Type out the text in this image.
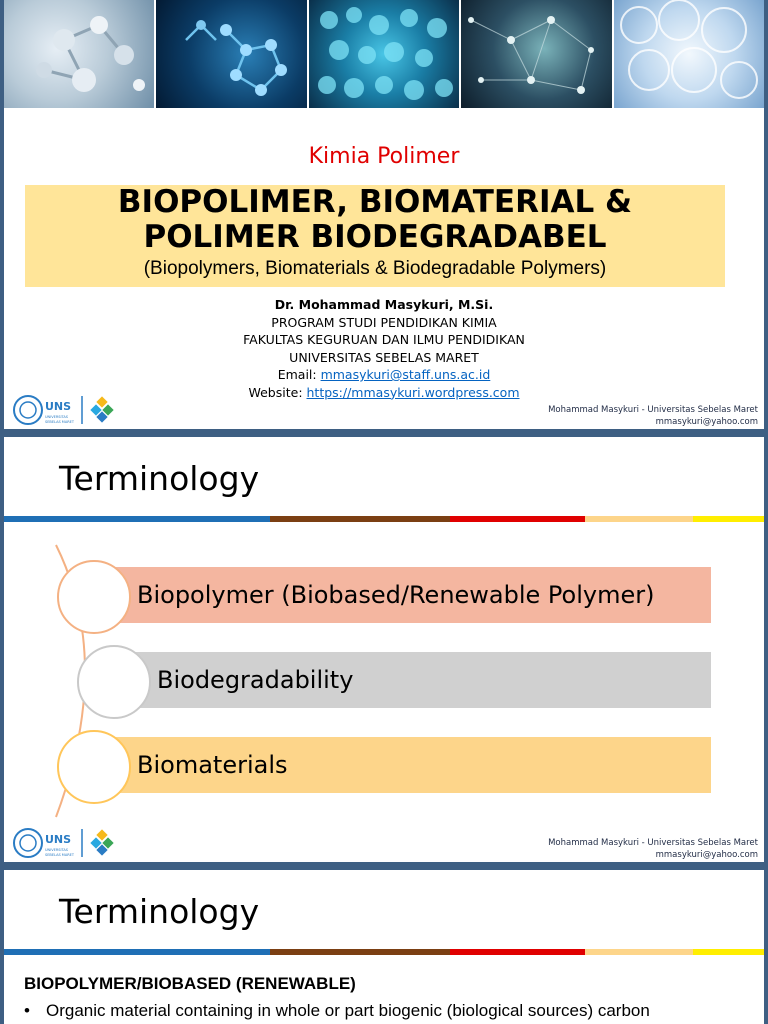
Kimia Polimer
BIOPOLIMER, BIOMATERIAL &
POLIMER BIODEGRADABEL
(Biopolymers, Biomaterials & Biodegradable Polymers)
Dr. Mohammad Masykuri, M.Si.
PROGRAM STUDI PENDIDIKAN KIMIA
FAKULTAS KEGURUAN DAN ILMU PENDIDIKAN
UNIVERSITAS SEBELAS MARET
Email: mmasykuri@staff.uns.ac.id
Website: https://mmasykuri.wordpress.com
UNS
UNIVERSITAS
SEBELAS MARET
Mohammad Masykuri - Universitas Sebelas Maret
mmasykuri@yahoo.com
Terminology
Biopolymer (Biobased/Renewable Polymer)
Biodegradability
Biomaterials
UNS
UNIVERSITAS
SEBELAS MARET
Mohammad Masykuri - Universitas Sebelas Maret
mmasykuri@yahoo.com
Terminology
BIOPOLYMER/BIOBASED (RENEWABLE)
• Organic material containing in whole or part biogenic (biological sources) carbon
